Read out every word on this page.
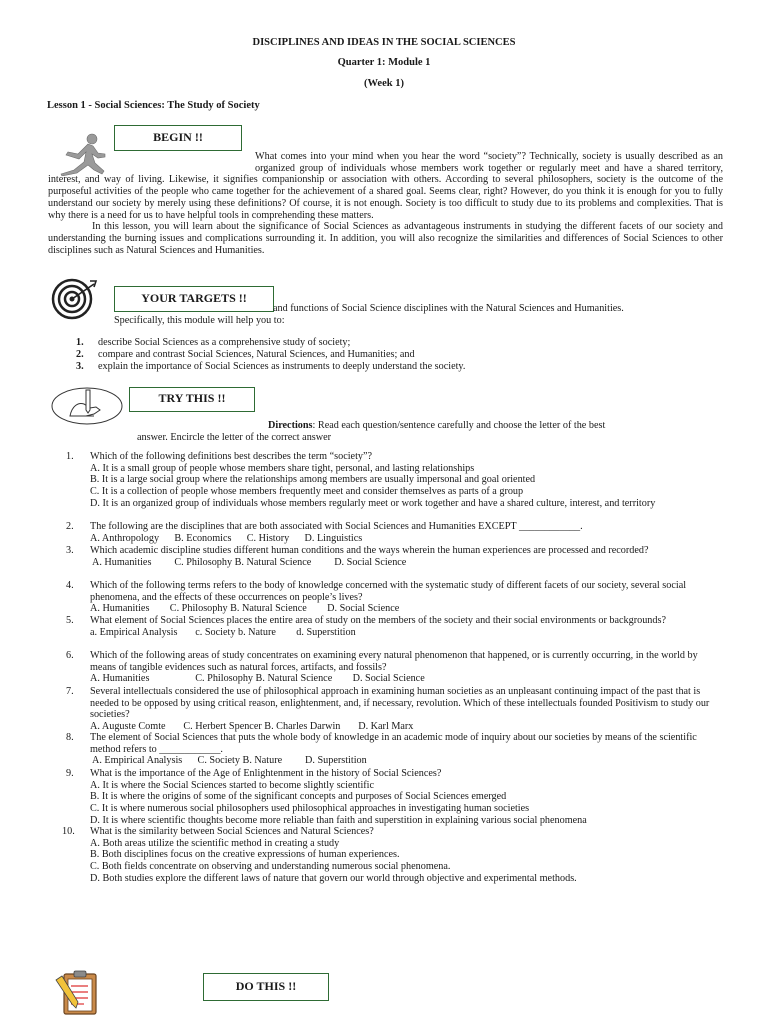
DISCIPLINES AND IDEAS IN THE SOCIAL SCIENCES
Quarter 1: Module 1
(Week 1)
Lesson 1 - Social Sciences: The Study of Society
BEGIN !!
What comes into your mind when you hear the word “society”? Technically, society is usually described as an organized group of individuals whose members work together or regularly meet and have a shared territory, interest, and way of living. Likewise, it signifies companionship or association with others. According to several philosophers, society is the outcome of the purposeful activities of the people who came together for the achievement of a shared goal. Seems clear, right? However, do you think it is enough for you to fully understand our society by merely using these definitions? Of course, it is not enough. Society is too difficult to study due to its problems and complexities. That is why there is a need for us to have helpful tools in comprehending these matters.
In this lesson, you will learn about the significance of Social Sciences as advantageous instruments in studying the different facets of our society and understanding the burning issues and complications surrounding it. In addition, you will also recognize the similarities and differences of Social Sciences to other disciplines such as Natural Sciences and Humanities.
YOUR TARGETS !!
and functions of Social Science disciplines with the Natural Sciences and Humanities.
Specifically, this module will help you to:
1. describe Social Sciences as a comprehensive study of society;
2. compare and contrast Social Sciences, Natural Sciences, and Humanities; and
3. explain the importance of Social Sciences as instruments to deeply understand the society.
TRY THIS !!
Directions: Read each question/sentence carefully and choose the letter of the best
answer. Encircle the letter of the correct answer
1. Which of the following definitions best describes the term “society”?
A. It is a small group of people whose members share tight, personal, and lasting relationships
B. It is a large social group where the relationships among members are usually impersonal and goal oriented
C. It is a collection of people whose members frequently meet and consider themselves as parts of a group
D. It is an organized group of individuals whose members regularly meet or work together and have a shared culture, interest, and territory
2. The following are the disciplines that are both associated with Social Sciences and Humanities EXCEPT ____________.
A. Anthropology      B. Economics      C. History      D. Linguistics
3. Which academic discipline studies different human conditions and the ways wherein the human experiences are processed and recorded?
A. Humanities         C. Philosophy B. Natural Science         D. Social Science
4. Which of the following terms refers to the body of knowledge concerned with the systematic study of different facets of our society, several social phenomena, and the effects of these occurrences on people’s lives?
A. Humanities        C. Philosophy B. Natural Science        D. Social Science
5. What element of Social Sciences places the entire area of study on the members of the society and their social environments or backgrounds?
a. Empirical Analysis       c. Society b. Nature        d. Superstition
6. Which of the following areas of study concentrates on examining every natural phenomenon that happened, or is currently occurring, in the world by means of tangible evidences such as natural forces, artifacts, and fossils?
A. Humanities                  C. Philosophy B. Natural Science        D. Social Science
7. Several intellectuals considered the use of philosophical approach in examining human societies as an unpleasant continuing impact of the past that is needed to be opposed by using critical reason, enlightenment, and, if necessary, revolution. Which of these intellectuals founded Positivism to study our societies?
A. Auguste Comte       C. Herbert Spencer B. Charles Darwin       D. Karl Marx
8. The element of Social Sciences that puts the whole body of knowledge in an academic mode of inquiry about our societies by means of the scientific method refers to ____________.
A. Empirical Analysis      C. Society B. Nature         D. Superstition
9. What is the importance of the Age of Enlightenment in the history of Social Sciences?
A. It is where the Social Sciences started to become slightly scientific
B. It is where the origins of some of the significant concepts and purposes of Social Sciences emerged
C. It is where numerous social philosophers used philosophical approaches in investigating human societies
D. It is where scientific thoughts become more reliable than faith and superstition in explaining various social phenomena
10. What is the similarity between Social Sciences and Natural Sciences?
A. Both areas utilize the scientific method in creating a study
B. Both disciplines focus on the creative expressions of human experiences.
C. Both fields concentrate on observing and understanding numerous social phenomena.
D. Both studies explore the different laws of nature that govern our world through objective and experimental methods.
DO THIS !!
